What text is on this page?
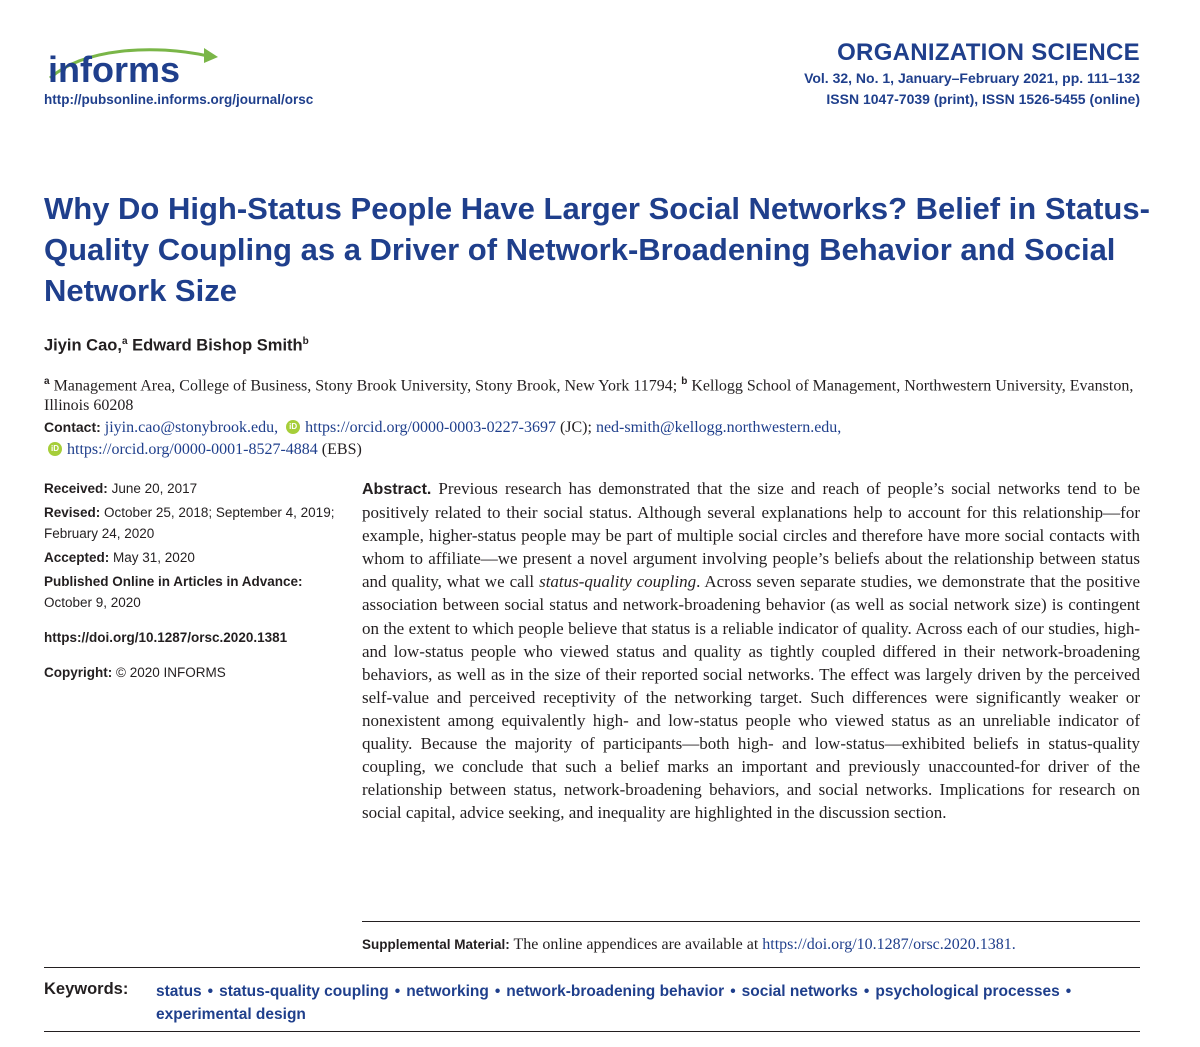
informs
http://pubsonline.informs.org/journal/orsc
ORGANIZATION SCIENCE
Vol. 32, No. 1, January–February 2021, pp. 111–132
ISSN 1047-7039 (print), ISSN 1526-5455 (online)
Why Do High-Status People Have Larger Social Networks? Belief in Status-Quality Coupling as a Driver of Network-Broadening Behavior and Social Network Size
Jiyin Cao,$^a$ Edward Bishop Smith$^b$
$^a$ Management Area, College of Business, Stony Brook University, Stony Brook, New York 11794; $^b$ Kellogg School of Management, Northwestern University, Evanston, Illinois 60208
Contact: jiyin.cao@stonybrook.edu, iD https://orcid.org/0000-0003-0227-3697 (JC); ned-smith@kellogg.northwestern.edu,
iD https://orcid.org/0000-0001-8527-4884 (EBS)
Received: June 20, 2017
Revised: October 25, 2018; September 4, 2019; February 24, 2020
Accepted: May 31, 2020
Published Online in Articles in Advance:
October 9, 2020
https://doi.org/10.1287/orsc.2020.1381
Copyright: © 2020 INFORMS

Abstract. Previous research has demonstrated that the size and reach of people’s social networks tend to be positively related to their social status. Although several explanations help to account for this relationship—for example, higher-status people may be part of multiple social circles and therefore have more social contacts with whom to affiliate—we present a novel argument involving people’s beliefs about the relationship between status and quality, what we call status-quality coupling. Across seven separate studies, we demonstrate that the positive association between social status and network-broadening behavior (as well as social network size) is contingent on the extent to which people believe that status is a reliable indicator of quality. Across each of our studies, high- and low-status people who viewed status and quality as tightly coupled differed in their network-broadening behaviors, as well as in the size of their reported social networks. The effect was largely driven by the perceived self-value and perceived receptivity of the networking target. Such differences were significantly weaker or nonexistent among equivalently high- and low-status people who viewed status as an unreliable indicator of quality. Because the majority of participants—both high- and low-status—exhibited beliefs in status-quality coupling, we conclude that such a belief marks an important and previously unaccounted-for driver of the relationship between status, network-broadening behaviors, and social networks. Implications for research on social capital, advice seeking, and inequality are highlighted in the discussion section.

Supplemental Material: The online appendices are available at https://doi.org/10.1287/orsc.2020.1381.
Keywords: status • status-quality coupling • networking • network-broadening behavior • social networks • psychological processes •
experimental design
